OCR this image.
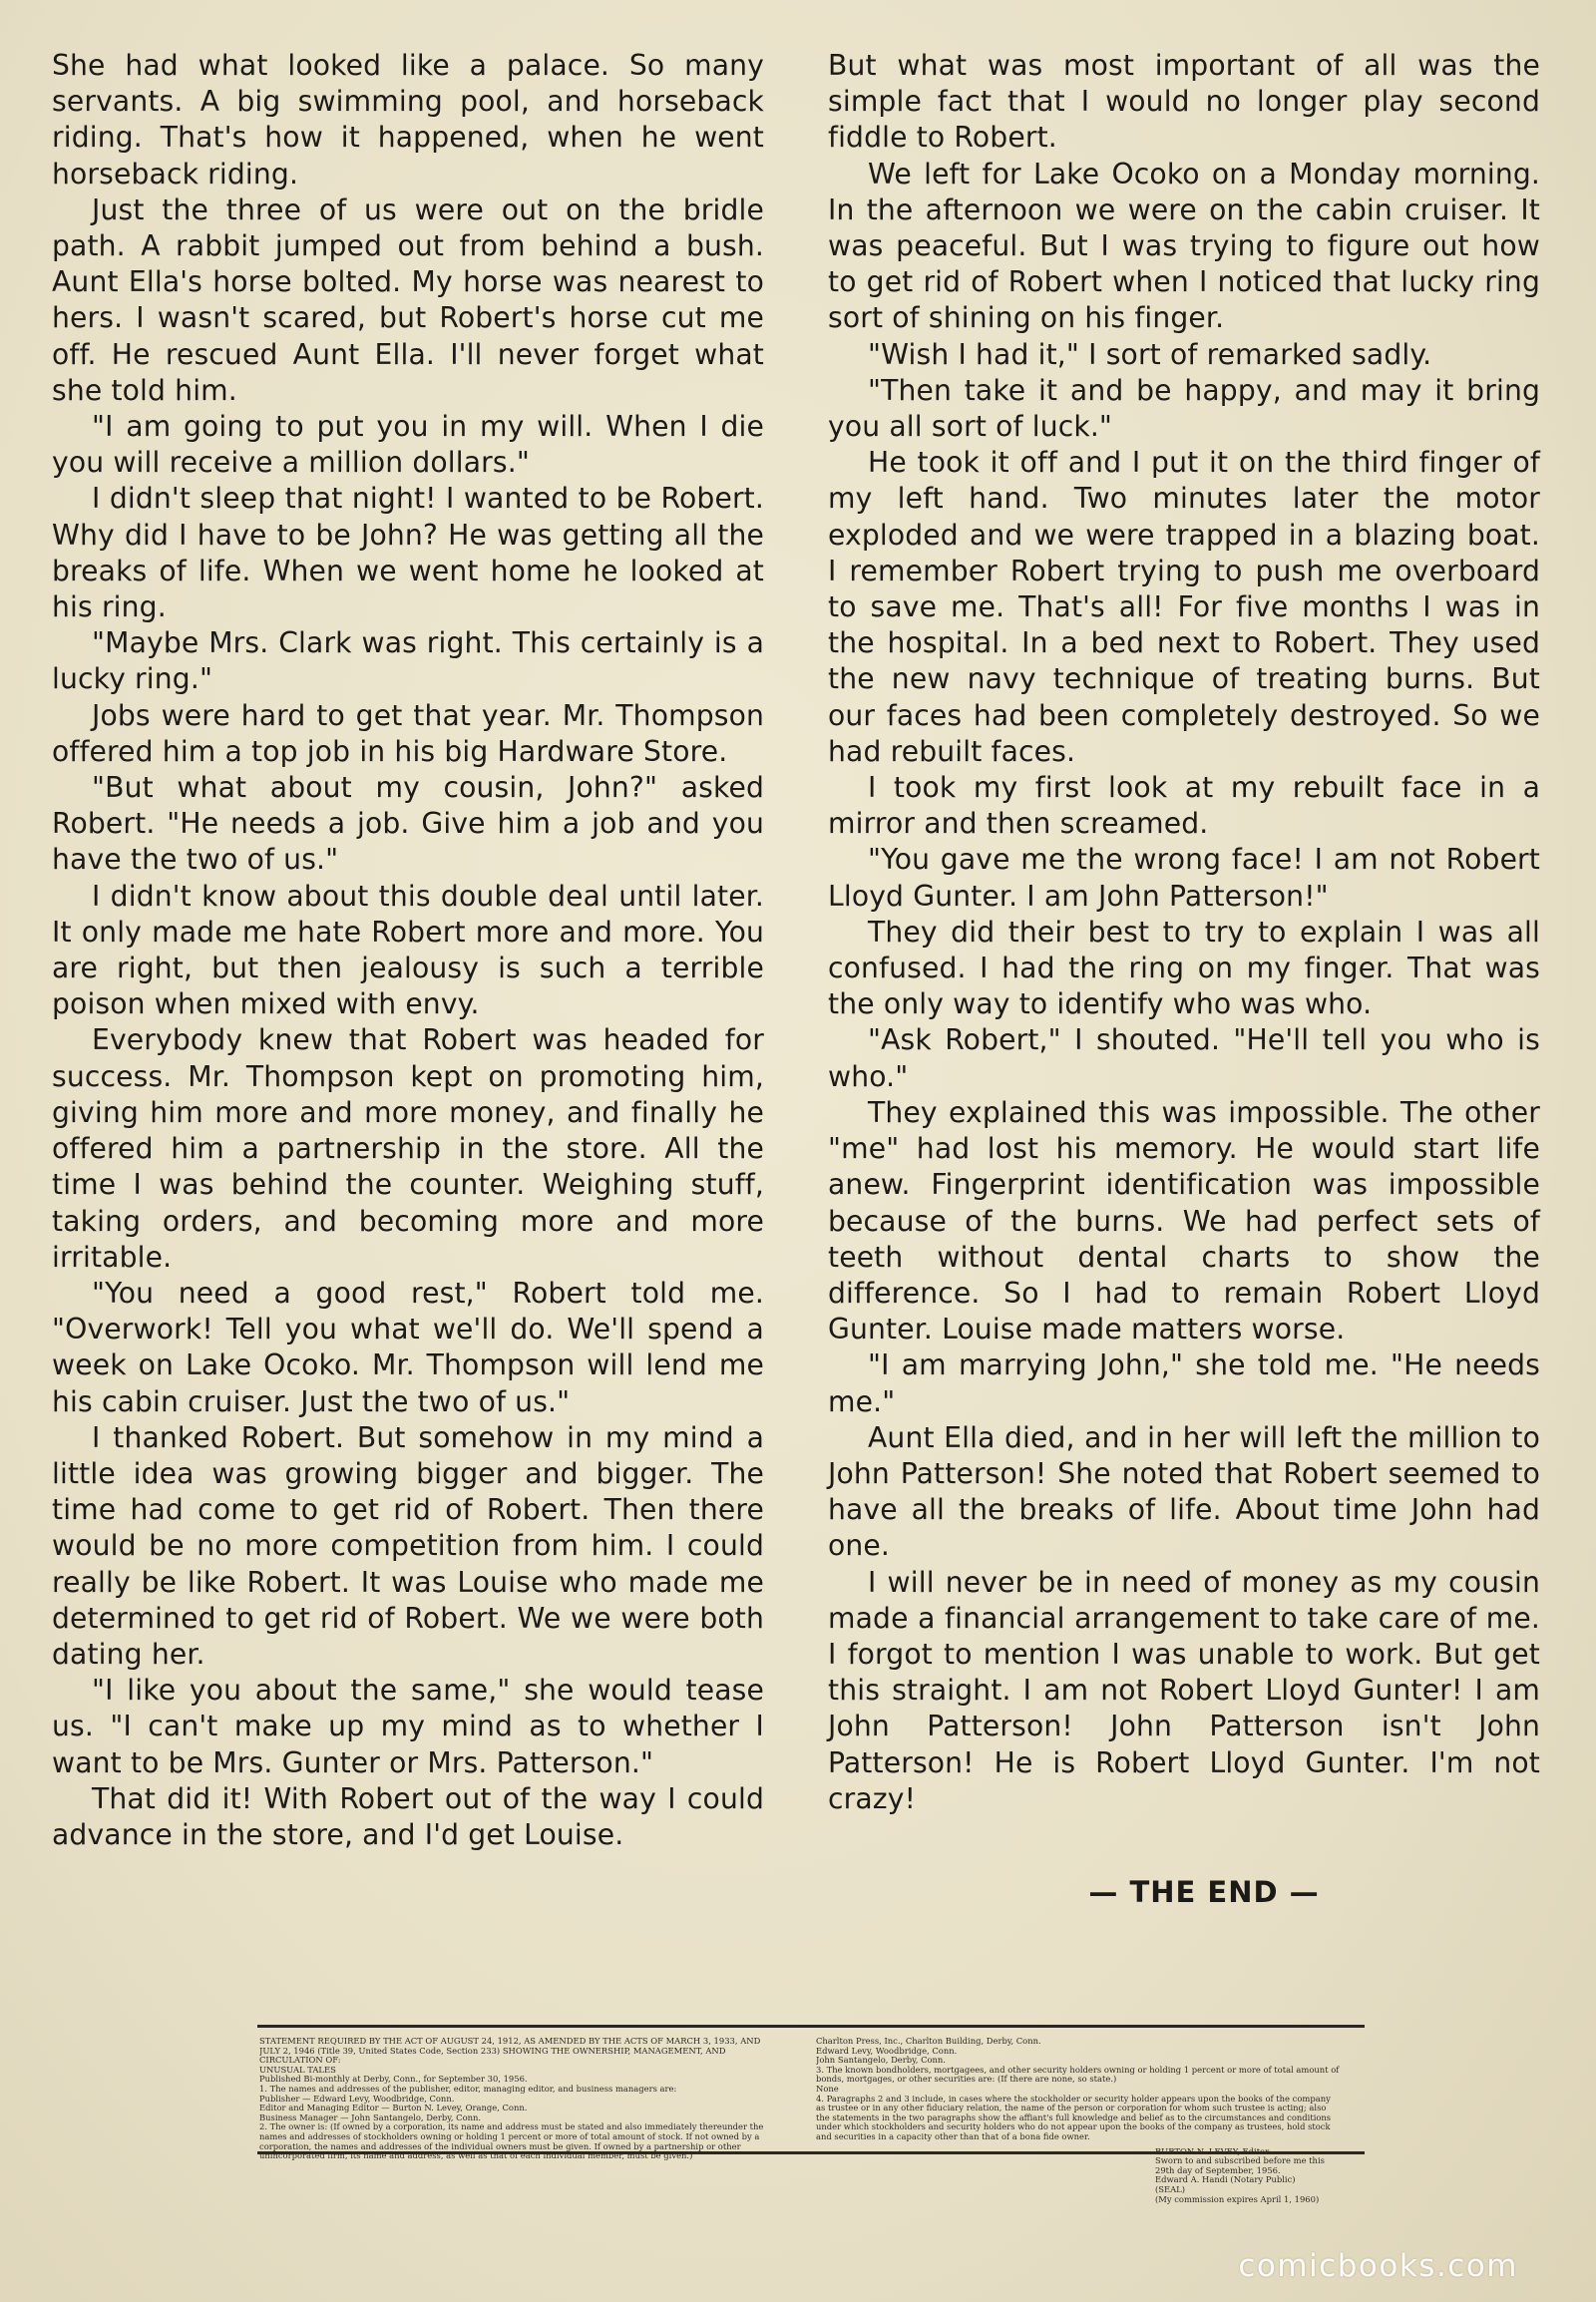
She had what looked like a palace. So many servants. A big swimming pool, and horseback riding. That's how it happened, when he went horseback riding.

Just the three of us were out on the bridle path. A rabbit jumped out from behind a bush. Aunt Ella's horse bolted. My horse was nearest to hers. I wasn't scared, but Robert's horse cut me off. He rescued Aunt Ella. I'll never forget what she told him.

"I am going to put you in my will. When I die you will receive a million dollars."

I didn't sleep that night! I wanted to be Robert. Why did I have to be John? He was getting all the breaks of life. When we went home he looked at his ring.

"Maybe Mrs. Clark was right. This certainly is a lucky ring."

Jobs were hard to get that year. Mr. Thompson offered him a top job in his big Hardware Store.

"But what about my cousin, John?" asked Robert. "He needs a job. Give him a job and you have the two of us."

I didn't know about this double deal until later. It only made me hate Robert more and more. You are right, but then jealousy is such a terrible poison when mixed with envy.

Everybody knew that Robert was headed for success. Mr. Thompson kept on promoting him, giving him more and more money, and finally he offered him a partnership in the store. All the time I was behind the counter. Weighing stuff, taking orders, and becoming more and more irritable.

"You need a good rest," Robert told me. "Overwork! Tell you what we'll do. We'll spend a week on Lake Ocoko. Mr. Thompson will lend me his cabin cruiser. Just the two of us."

I thanked Robert. But somehow in my mind a little idea was growing bigger and bigger. The time had come to get rid of Robert. Then there would be no more competition from him. I could really be like Robert. It was Louise who made me determined to get rid of Robert. We we were both dating her.

"I like you about the same," she would tease us. "I can't make up my mind as to whether I want to be Mrs. Gunter or Mrs. Patterson."

That did it! With Robert out of the way I could advance in the store, and I'd get Louise.

But what was most important of all was the simple fact that I would no longer play second fiddle to Robert.

We left for Lake Ocoko on a Monday morning. In the afternoon we were on the cabin cruiser. It was peaceful. But I was trying to figure out how to get rid of Robert when I noticed that lucky ring sort of shining on his finger.

"Wish I had it," I sort of remarked sadly.

"Then take it and be happy, and may it bring you all sort of luck."

He took it off and I put it on the third finger of my left hand. Two minutes later the motor exploded and we were trapped in a blazing boat. I remember Robert trying to push me overboard to save me. That's all! For five months I was in the hospital. In a bed next to Robert. They used the new navy technique of treating burns. But our faces had been completely destroyed. So we had rebuilt faces.

I took my first look at my rebuilt face in a mirror and then screamed.

"You gave me the wrong face! I am not Robert Lloyd Gunter. I am John Patterson!"

They did their best to try to explain I was all confused. I had the ring on my finger. That was the only way to identify who was who.

"Ask Robert," I shouted. "He'll tell you who is who."

They explained this was impossible. The other "me" had lost his memory. He would start life anew. Fingerprint identification was impossible because of the burns. We had perfect sets of teeth without dental charts to show the difference. So I had to remain Robert Lloyd Gunter. Louise made matters worse.

"I am marrying John," she told me. "He needs me."

Aunt Ella died, and in her will left the million to John Patterson! She noted that Robert seemed to have all the breaks of life. About time John had one.

I will never be in need of money as my cousin made a financial arrangement to take care of me. I forgot to mention I was unable to work. But get this straight. I am not Robert Lloyd Gunter! I am John Patterson! John Patterson isn't John Patterson! He is Robert Lloyd Gunter. I'm not crazy!

— THE END —
STATEMENT REQUIRED BY THE ACT OF AUGUST 24, 1912, AS AMENDED BY THE ACTS OF MARCH 3, 1933, AND JULY 2, 1946 (Title 39, United States Code, Section 233) SHOWING THE OWNERSHIP, MANAGEMENT, AND CIRCULATION OF:
UNUSUAL TALES
Published Bi-monthly at Derby, Conn., for September 30, 1956.
1. The names and addresses of the publisher, editor, managing editor, and business managers are:
Publisher — Edward Levy, Woodbridge, Conn.
Editor and Managing Editor — Burton N. Levey, Orange, Conn.
Business Manager — John Santangelo, Derby, Conn.
2. The owner is: (If owned by a corporation, its name and address must be stated and also immediately thereunder the names and addresses of stockholders owning or holding 1 percent or more of total amount of stock. If not owned by a corporation, the names and addresses of the individual owners must be given. If owned by a partnership or other unincorporated firm, its name and address, as well as that of each individual member, must be given.)
Charlton Press, Inc., Charlton Building, Derby, Conn.
Edward Levy, Woodbridge, Conn.
John Santangelo, Derby, Conn.
3. The known bondholders, mortgagees, and other security holders owning or holding 1 percent or more of total amount of bonds, mortgages, or other securities are: (If there are none, so state.)
None
4. Paragraphs 2 and 3 include, in cases where the stockholder or security holder appears upon the books of the company as trustee or in any other fiduciary relation, the name of the person or corporation for whom such trustee is acting; also the statements in the two paragraphs show the affiant's full knowledge and belief as to the circumstances and conditions under which stockholders and security holders who do not appear upon the books of the company as trustees, hold stock and securities in a capacity other than that of a bona fide owner.
BURTON N. LEVEY, Editor
Sworn to and subscribed before me this 29th day of September, 1956.
Edward A. Handi (Notary Public)
(SEAL)
(My commission expires April 1, 1960)
comicbooks.com
